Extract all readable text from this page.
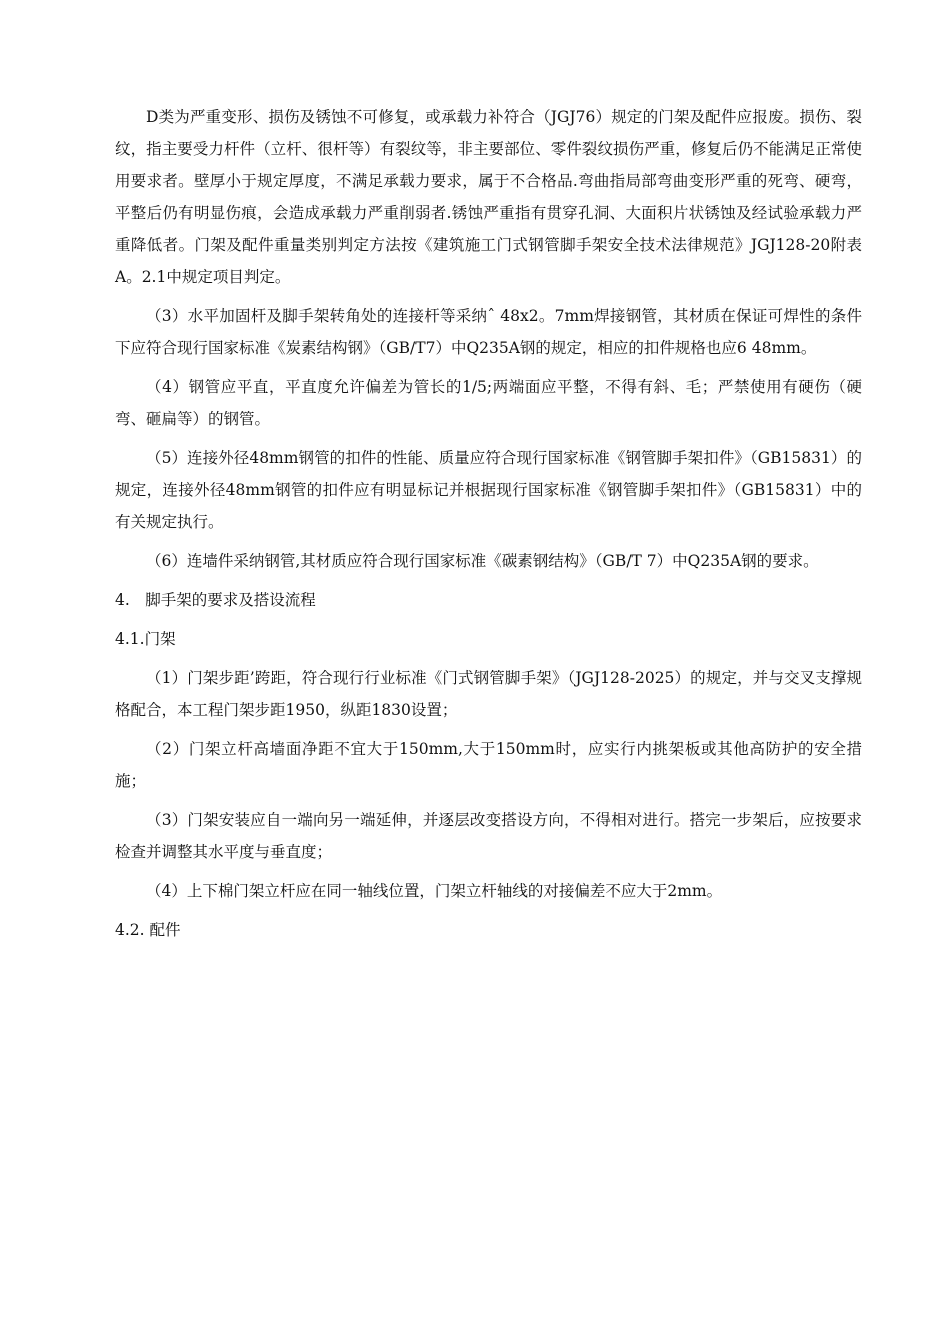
D类为严重变形、损伤及锈蚀不可修复，或承载力补符合（JGJ76）规定的门架及配件应报废。损伤、裂纹，指主要受力杆件（立杆、很杆等）有裂纹等，非主要部位、零件裂纹损伤严重，修复后仍不能满足正常使用要求者。壁厚小于规定厚度，不满足承载力要求，属于不合格品.弯曲指局部弯曲变形严重的死弯、硬弯，平整后仍有明显伤痕，会造成承载力严重削弱者.锈蚀严重指有贯穿孔洞、大面积片状锈蚀及经试验承载力严重降低者。门架及配件重量类别判定方法按《建筑施工门式钢管脚手架安全技术法律规范》JGJ128-20附表A。2.1中规定项目判定。

（3）水平加固杆及脚手架转角处的连接杆等采纳ˆ 48x2。7mm焊接钢管，其材质在保证可焊性的条件下应符合现行国家标准《炭素结构钢》（GB/T7）中Q235A钢的规定，相应的扣件规格也应6 48mm。

（4）钢管应平直，平直度允许偏差为管长的1/5;两端面应平整，不得有斜、毛；严禁使用有硬伤（硬弯、砸扁等）的钢管。

（5）连接外径48mm钢管的扣件的性能、质量应符合现行国家标准《钢管脚手架扣件》（GB15831）的规定，连接外径48mm钢管的扣件应有明显标记并根据现行国家标准《钢管脚手架扣件》（GB15831）中的有关规定执行。

（6）连墙件采纳钢管,其材质应符合现行国家标准《碳素钢结构》（GB/T 7）中Q235A钢的要求。

4.　脚手架的要求及搭设流程

4.1.门架

（1）门架步距’跨距，符合现行行业标准《门式钢管脚手架》（JGJ128-2025）的规定，并与交叉支撑规格配合，本工程门架步距1950，纵距1830设置；

（2）门架立杆高墙面净距不宜大于150mm,大于150mm时，应实行内挑架板或其他高防护的安全措施；

（3）门架安装应自一端向另一端延伸，并逐层改变搭设方向，不得相对进行。搭完一步架后，应按要求检查并调整其水平度与垂直度；

（4）上下棉门架立杆应在同一轴线位置，门架立杆轴线的对接偏差不应大于2mm。

4.2. 配件
